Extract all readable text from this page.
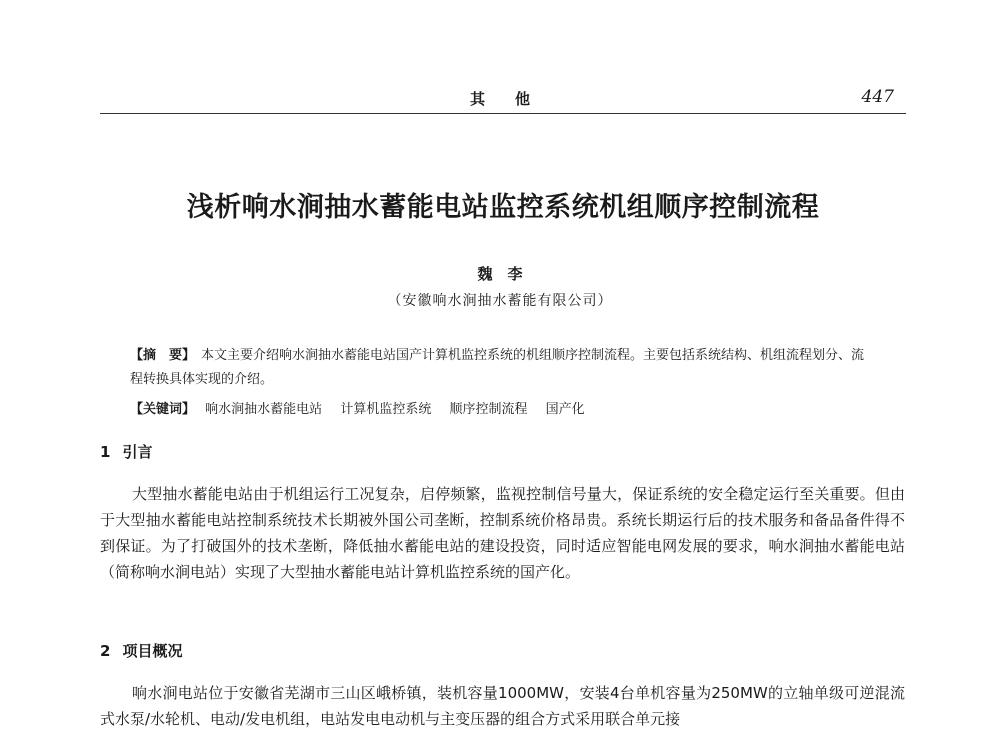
其　　他	447
浅析响水涧抽水蓄能电站监控系统机组顺序控制流程
魏　李
（安徽响水涧抽水蓄能有限公司）
【摘　要】 本文主要介绍响水涧抽水蓄能电站国产计算机监控系统的机组顺序控制流程。主要包括系统结构、机组流程划分、流程转换具体实现的介绍。
【关键词】 响水涧抽水蓄能电站 计算机监控系统 顺序控制流程 国产化
1 引言
大型抽水蓄能电站由于机组运行工况复杂，启停频繁，监视控制信号量大，保证系统的安全稳定运行至关重要。但由于大型抽水蓄能电站控制系统技术长期被外国公司垄断，控制系统价格昂贵。系统长期运行后的技术服务和备品备件得不到保证。为了打破国外的技术垄断，降低抽水蓄能电站的建设投资，同时适应智能电网发展的要求，响水涧抽水蓄能电站（简称响水涧电站）实现了大型抽水蓄能电站计算机监控系统的国产化。
2 项目概况
响水涧电站位于安徽省芜湖市三山区峨桥镇，装机容量1000MW，安装4台单机容量为250MW的立轴单级可逆混流式水泵/水轮机、电动/发电机组，电站发电电动机与主变压器的组合方式采用联合单元接
